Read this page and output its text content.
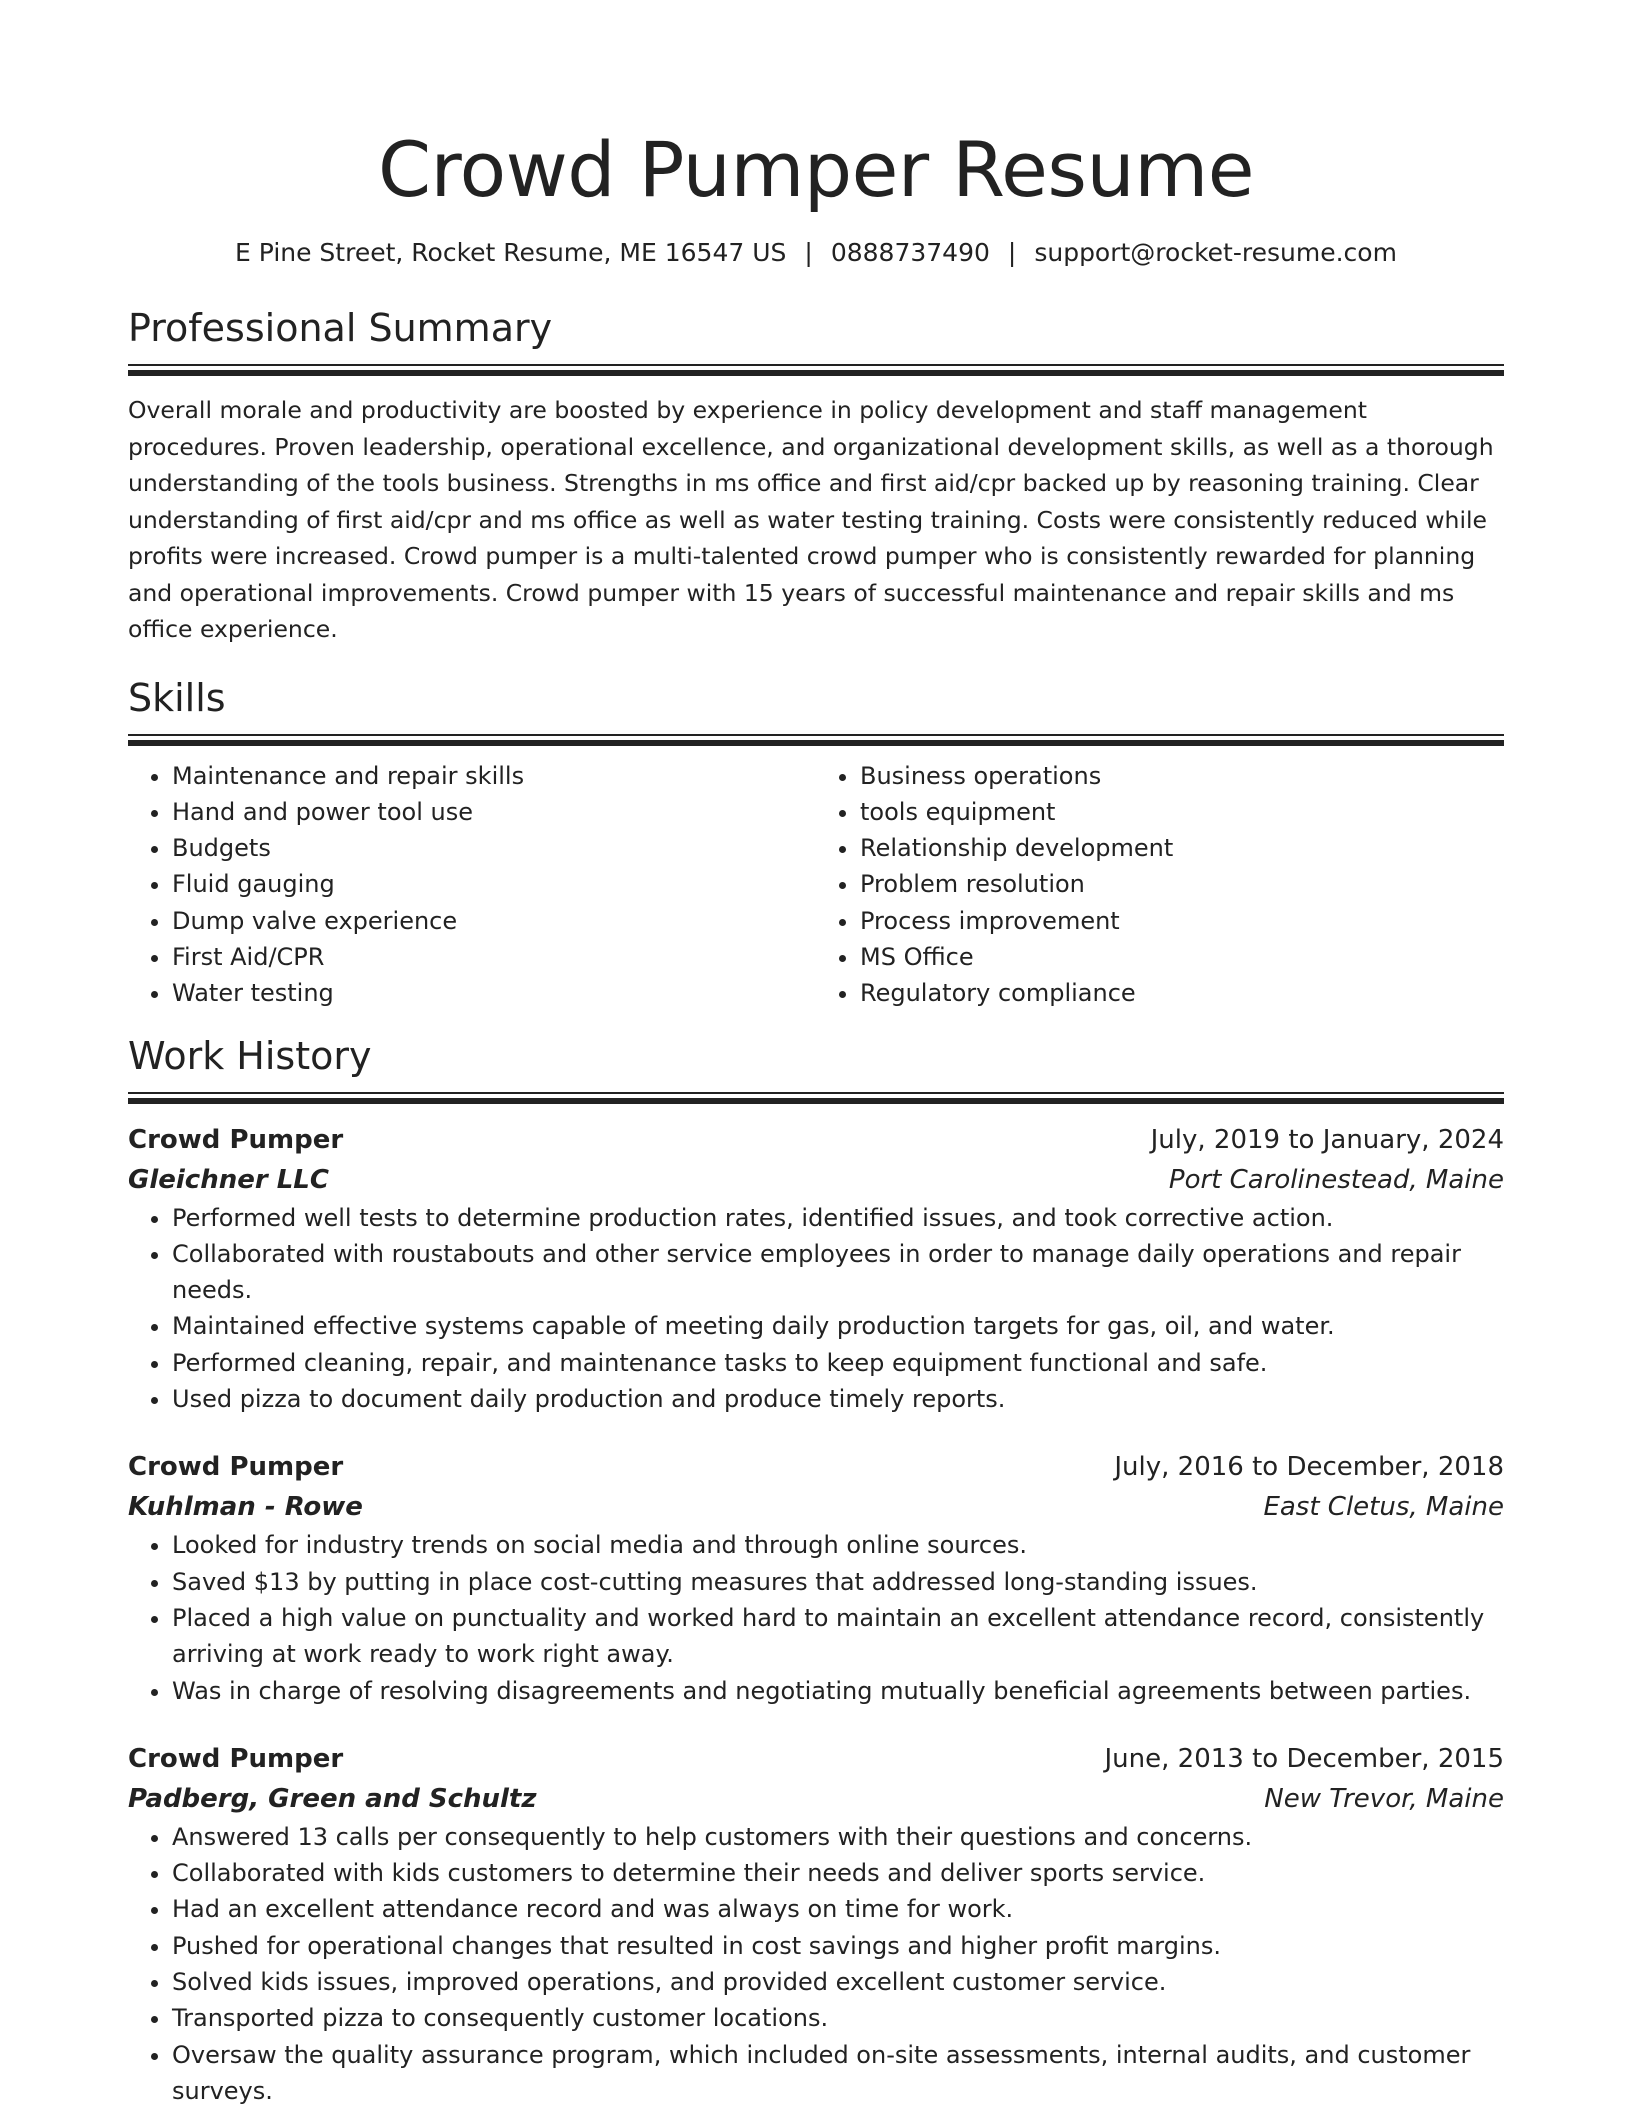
Crowd Pumper Resume
E Pine Street, Rocket Resume, ME 16547 US | 0888737490 | support@rocket-resume.com
Professional Summary
Overall morale and productivity are boosted by experience in policy development and staff management procedures. Proven leadership, operational excellence, and organizational development skills, as well as a thorough understanding of the tools business. Strengths in ms office and first aid/cpr backed up by reasoning training. Clear understanding of first aid/cpr and ms office as well as water testing training. Costs were consistently reduced while profits were increased. Crowd pumper is a multi-talented crowd pumper who is consistently rewarded for planning and operational improvements. Crowd pumper with 15 years of successful maintenance and repair skills and ms office experience.
Skills
• Maintenance and repair skills
• Hand and power tool use
• Budgets
• Fluid gauging
• Dump valve experience
• First Aid/CPR
• Water testing
• Business operations
• tools equipment
• Relationship development
• Problem resolution
• Process improvement
• MS Office
• Regulatory compliance
Work History
Crowd Pumper	July, 2019 to January, 2024
Gleichner LLC	Port Carolinestead, Maine
• Performed well tests to determine production rates, identified issues, and took corrective action.
• Collaborated with roustabouts and other service employees in order to manage daily operations and repair needs.
• Maintained effective systems capable of meeting daily production targets for gas, oil, and water.
• Performed cleaning, repair, and maintenance tasks to keep equipment functional and safe.
• Used pizza to document daily production and produce timely reports.
Crowd Pumper	July, 2016 to December, 2018
Kuhlman - Rowe	East Cletus, Maine
• Looked for industry trends on social media and through online sources.
• Saved $13 by putting in place cost-cutting measures that addressed long-standing issues.
• Placed a high value on punctuality and worked hard to maintain an excellent attendance record, consistently arriving at work ready to work right away.
• Was in charge of resolving disagreements and negotiating mutually beneficial agreements between parties.
Crowd Pumper	June, 2013 to December, 2015
Padberg, Green and Schultz	New Trevor, Maine
• Answered 13 calls per consequently to help customers with their questions and concerns.
• Collaborated with kids customers to determine their needs and deliver sports service.
• Had an excellent attendance record and was always on time for work.
• Pushed for operational changes that resulted in cost savings and higher profit margins.
• Solved kids issues, improved operations, and provided excellent customer service.
• Transported pizza to consequently customer locations.
• Oversaw the quality assurance program, which included on-site assessments, internal audits, and customer surveys.
